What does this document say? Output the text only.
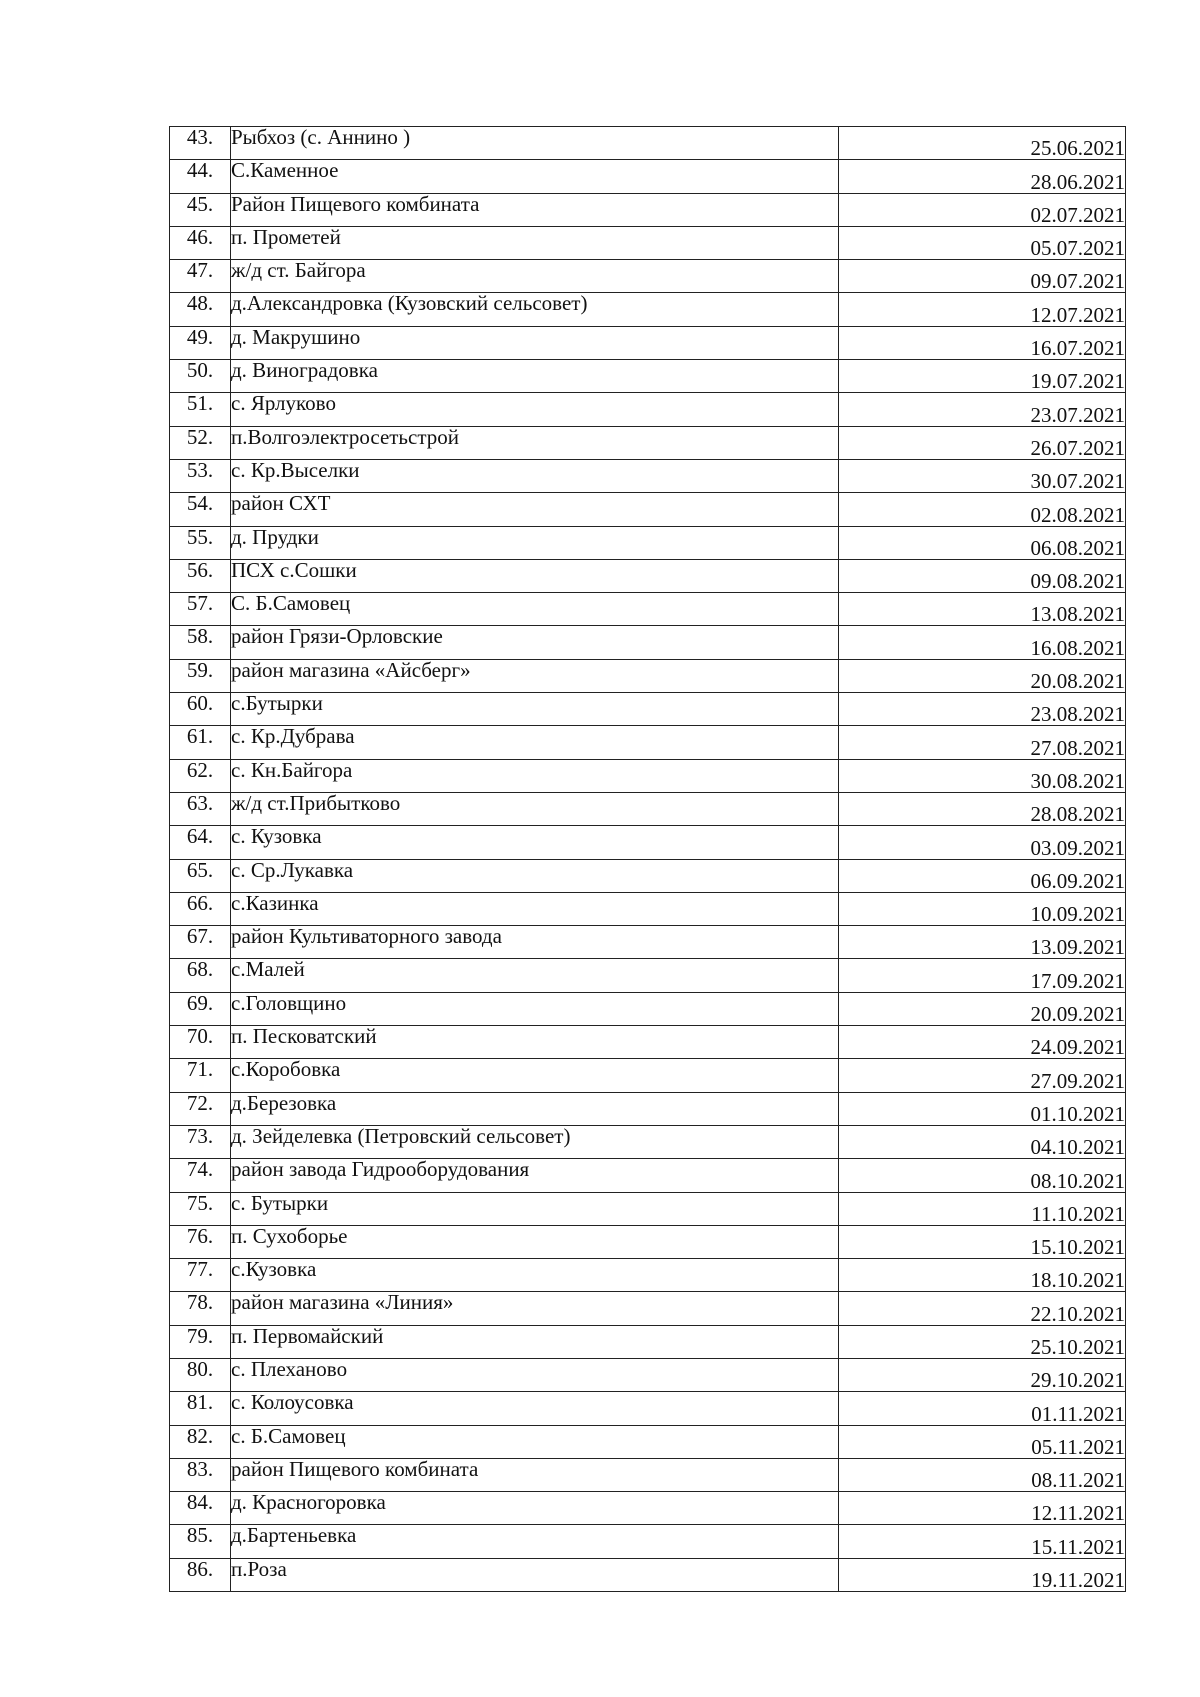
43.	Рыбхоз (с. Аннино )	25.06.2021
44.	С.Каменное	28.06.2021
45.	Район Пищевого комбината	02.07.2021
46.	п. Прометей	05.07.2021
47.	ж/д ст. Байгора	09.07.2021
48.	д.Александровка (Кузовский сельсовет)	12.07.2021
49.	д. Макрушино	16.07.2021
50.	д. Виноградовка	19.07.2021
51.	с. Ярлуково	23.07.2021
52.	п.Волгоэлектросетьстрой	26.07.2021
53.	с. Кр.Выселки	30.07.2021
54.	район СХТ	02.08.2021
55.	д. Прудки	06.08.2021
56.	ПСХ с.Сошки	09.08.2021
57.	С. Б.Самовец	13.08.2021
58.	район Грязи-Орловские	16.08.2021
59.	район магазина «Айсберг»	20.08.2021
60.	с.Бутырки	23.08.2021
61.	с. Кр.Дубрава	27.08.2021
62.	с. Кн.Байгора	30.08.2021
63.	ж/д ст.Прибытково	28.08.2021
64.	с. Кузовка	03.09.2021
65.	с. Ср.Лукавка	06.09.2021
66.	с.Казинка	10.09.2021
67.	район Культиваторного завода	13.09.2021
68.	с.Малей	17.09.2021
69.	с.Головщино	20.09.2021
70.	п. Песковатский	24.09.2021
71.	с.Коробовка	27.09.2021
72.	д.Березовка	01.10.2021
73.	д. Зейделевка (Петровский сельсовет)	04.10.2021
74.	район завода Гидрооборудования	08.10.2021
75.	с. Бутырки	11.10.2021
76.	п. Сухоборье	15.10.2021
77.	с.Кузовка	18.10.2021
78.	район магазина «Линия»	22.10.2021
79.	п. Первомайский	25.10.2021
80.	с. Плеханово	29.10.2021
81.	с. Колоусовка	01.11.2021
82.	с. Б.Самовец	05.11.2021
83.	район Пищевого комбината	08.11.2021
84.	д. Красногоровка	12.11.2021
85.	д.Бартеньевка	15.11.2021
86.	п.Роза	19.11.2021
